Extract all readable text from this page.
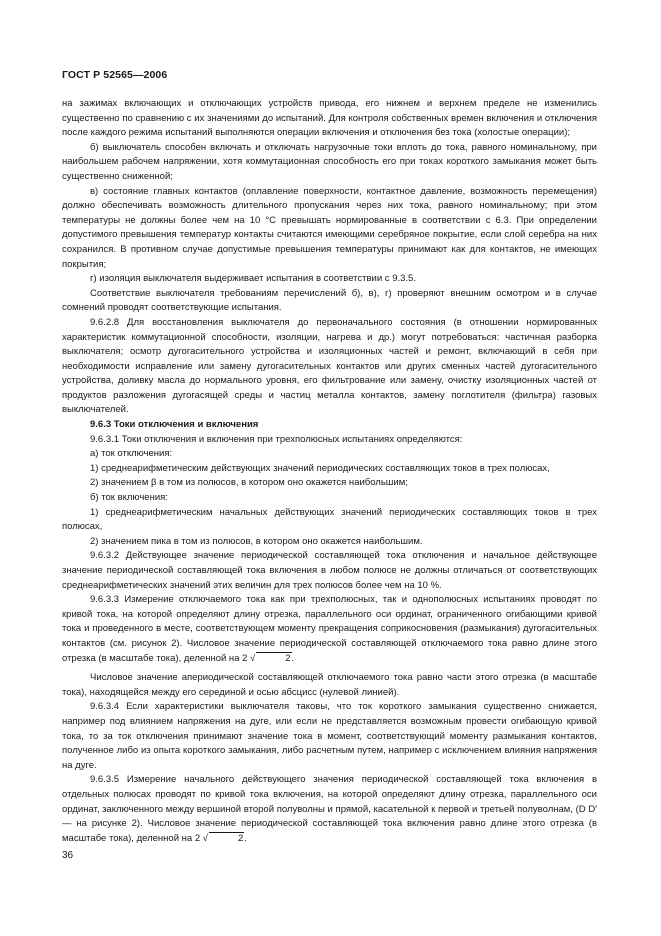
ГОСТ Р 52565—2006

на зажимах включающих и отключающих устройств привода, его нижнем и верхнем пределе не изменились существенно по сравнению с их значениями до испытаний. Для контроля собственных времен включения и отключения после каждого режима испытаний выполняются операции включения и отключения без тока (холостые операции);

б) выключатель способен включать и отключать нагрузочные токи вплоть до тока, равного номинальному, при наибольшем рабочем напряжении, хотя коммутационная способность его при токах короткого замыкания может быть существенно сниженной;

в) состояние главных контактов (оплавление поверхности, контактное давление, возможность перемещения) должно обеспечивать возможность длительного пропускания через них тока, равного номинальному; при этом температуры не должны более чем на 10 °С превышать нормированные в соответствии с 6.3. При определении допустимого превышения температур контакты считаются имеющими серебряное покрытие, если слой серебра на них сохранился. В противном случае допустимые превышения температуры принимают как для контактов, не имеющих покрытия;

г) изоляция выключателя выдерживает испытания в соответствии с 9.3.5.

Соответствие выключателя требованиям перечислений б), в), г) проверяют внешним осмотром и в случае сомнений проводят соответствующие испытания.

9.6.2.8 Для восстановления выключателя до первоначального состояния (в отношении нормированных характеристик коммутационной способности, изоляции, нагрева и др.) могут потребоваться: частичная разборка выключателя; осмотр дугогасительного устройства и изоляционных частей и ремонт, включающий в себя при необходимости исправление или замену дугогасительных контактов или других сменных частей дугогасительного устройства, доливку масла до нормального уровня, его фильтрование или замену, очистку изоляционных частей от продуктов разложения дугогасящей среды и частиц металла контактов, замену поглотителя (фильтра) газовых выключателей.

9.6.3 Токи отключения и включения

9.6.3.1 Токи отключения и включения при трехполюсных испытаниях определяются:

а) ток отключения:

1) среднеарифметическим действующих значений периодических составляющих токов в трех полюсах,

2) значением β в том из полюсов, в котором оно окажется наибольшим;

б) ток включения:

1) среднеарифметическим начальных действующих значений периодических составляющих токов в трех полюсах,

2) значением пика в том из полюсов, в котором оно окажется наибольшим.

9.6.3.2 Действующее значение периодической составляющей тока отключения и начальное действующее значение периодической составляющей тока включения в любом полюсе не должны отличаться от соответствующих среднеарифметических значений этих величин для трех полюсов более чем на 10 %.

9.6.3.3 Измерение отключаемого тока как при трехполюсных, так и однополюсных испытаниях проводят по кривой тока, на которой определяют длину отрезка, параллельного оси ординат, ограниченного огибающими кривой тока и проведенного в месте, соответствующем моменту прекращения соприкосновения (размыкания) дугогасительных контактов (см. рисунок 2). Числовое значение периодической составляющей отключаемого тока равно длине этого отрезка (в масштабе тока), деленной на 2 √	2.

Числовое значение апериодической составляющей отключаемого тока равно части этого отрезка (в масштабе тока), находящейся между его серединой и осью абсцисс (нулевой линией).

9.6.3.4 Если характеристики выключателя таковы, что ток короткого замыкания существенно снижается, например под влиянием напряжения на дуге, или если не представляется возможным провести огибающую кривой тока, то за ток отключения принимают значение тока в момент, соответствующий моменту размыкания контактов, полученное либо из опыта короткого замыкания, либо расчетным путем, например с исключением влияния напряжения на дуге.

9.6.3.5 Измерение начального действующего значения периодической составляющей тока включения в отдельных полюсах проводят по кривой тока включения, на которой определяют длину отрезка, параллельного оси ординат, заключенного между вершиной второй полуволны и прямой, касательной к первой и третьей полуволнам, (D D′ — на рисунке 2). Числовое значение периодической составляющей тока включения равно длине этого отрезка (в масштабе тока), деленной на 2 √	2.

36
